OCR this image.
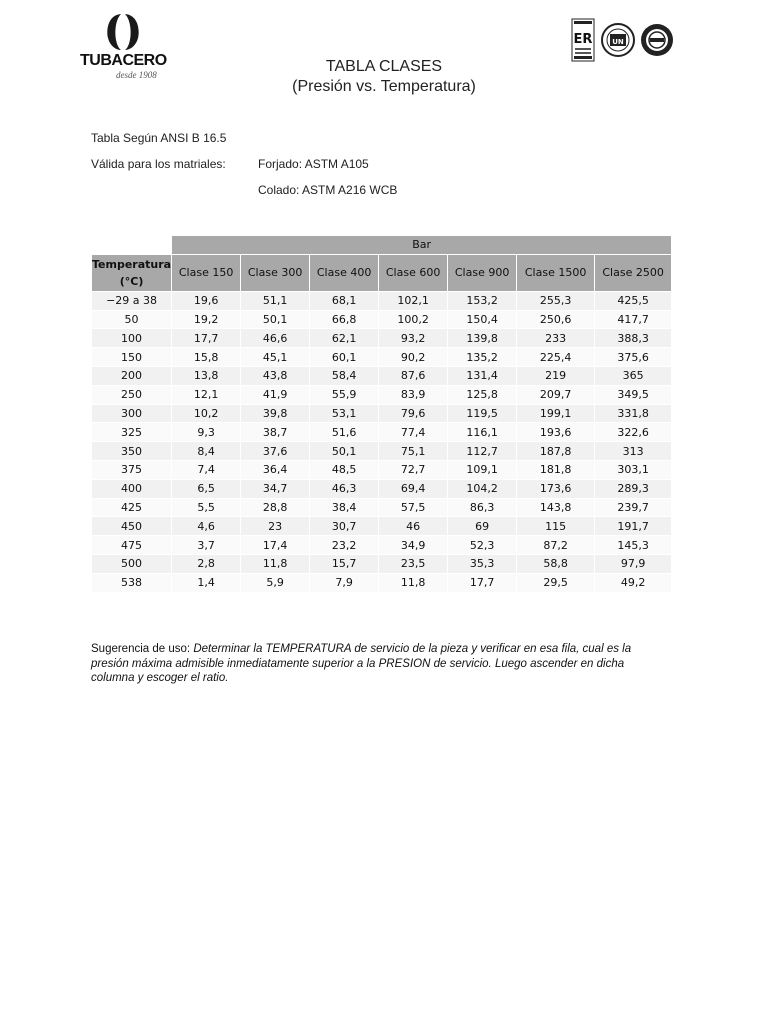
TUBACERO
desde 1908
ER	UN
TABLA CLASES
(Presión vs. Temperatura)
Tabla Según ANSI B 16.5
Válida para los matriales:	Forjado: ASTM A105
Colado: ASTM A216 WCB
	Bar						
Temperatura
(°C)	Clase 150	Clase 300	Clase 400	Clase 600	Clase 900	Clase 1500	Clase 2500
−29 a 38	19,6	51,1	68,1	102,1	153,2	255,3	425,5
50	19,2	50,1	66,8	100,2	150,4	250,6	417,7
100	17,7	46,6	62,1	93,2	139,8	233	388,3
150	15,8	45,1	60,1	90,2	135,2	225,4	375,6
200	13,8	43,8	58,4	87,6	131,4	219	365
250	12,1	41,9	55,9	83,9	125,8	209,7	349,5
300	10,2	39,8	53,1	79,6	119,5	199,1	331,8
325	9,3	38,7	51,6	77,4	116,1	193,6	322,6
350	8,4	37,6	50,1	75,1	112,7	187,8	313
375	7,4	36,4	48,5	72,7	109,1	181,8	303,1
400	6,5	34,7	46,3	69,4	104,2	173,6	289,3
425	5,5	28,8	38,4	57,5	86,3	143,8	239,7
450	4,6	23	30,7	46	69	115	191,7
475	3,7	17,4	23,2	34,9	52,3	87,2	145,3
500	2,8	11,8	15,7	23,5	35,3	58,8	97,9
538	1,4	5,9	7,9	11,8	17,7	29,5	49,2
Sugerencia de uso: Determinar la TEMPERATURA de servicio de la pieza y verificar en esa fila, cual es la presión máxima admisible inmediatamente superior a la PRESION de servicio. Luego ascender en dicha columna y escoger el ratio.
